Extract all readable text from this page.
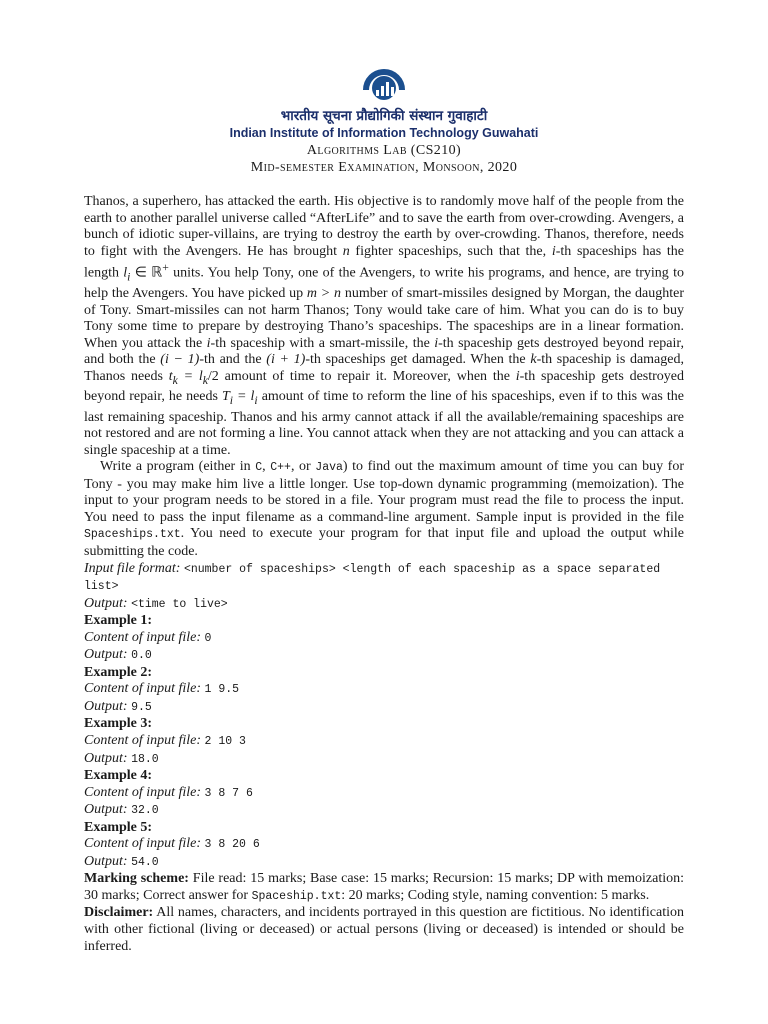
भारतीय सूचना प्रौद्योगिकी संस्थान गुवाहाटी
Indian Institute of Information Technology Guwahati
Algorithms Lab (CS210)
Mid-semester Examination, Monsoon, 2020

Thanos, a superhero, has attacked the earth. His objective is to randomly move half of the people from the earth to another parallel universe called “AfterLife” and to save the earth from over-crowding. Avengers, a bunch of idiotic super-villains, are trying to destroy the earth by over-crowding. Thanos, therefore, needs to fight with the Avengers. He has brought n fighter spaceships, such that the, i-th spaceships has the length $l_i$ ∈ ℝ+ units. You help Tony, one of the Avengers, to write his programs, and hence, are trying to help the Avengers. You have picked up m > n number of smart-missiles designed by Morgan, the daughter of Tony. Smart-missiles can not harm Thanos; Tony would take care of him. What you can do is to buy Tony some time to prepare by destroying Thano’s spaceships. The spaceships are in a linear formation. When you attack the i-th spaceship with a smart-missile, the i-th spaceship gets destroyed beyond repair, and both the (i − 1)-th and the (i + 1)-th spaceships get damaged. When the k-th spaceship is damaged, Thanos needs $t_k = l_k/2$ amount of time to repair it. Moreover, when the i-th spaceship gets destroyed beyond repair, he needs $T_i = l_i$ amount of time to reform the line of his spaceships, even if to this was the last remaining spaceship. Thanos and his army cannot attack if all the available/remaining spaceships are not restored and are not forming a line. You cannot attack when they are not attacking and you can attack a single spaceship at a time.

Write a program (either in C, C++, or Java) to find out the maximum amount of time you can buy for Tony - you may make him live a little longer. Use top-down dynamic programming (memoization). The input to your program needs to be stored in a file. Your program must read the file to process the input. You need to pass the input filename as a command-line argument. Sample input is provided in the file Spaceships.txt. You need to execute your program for that input file and upload the output while submitting the code.

Input file format: <number of spaceships> <length of each spaceship as a space separated list>

Output: <time to live>

Example 1:

Content of input file: 0

Output: 0.0

Example 2:

Content of input file: 1 9.5

Output: 9.5

Example 3:

Content of input file: 2 10 3

Output: 18.0

Example 4:

Content of input file: 3 8 7 6

Output: 32.0

Example 5:

Content of input file: 3 8 20 6

Output: 54.0

Marking scheme: File read: 15 marks; Base case: 15 marks; Recursion: 15 marks; DP with memoization: 30 marks; Correct answer for Spaceship.txt: 20 marks; Coding style, naming convention: 5 marks.

Disclaimer: All names, characters, and incidents portrayed in this question are fictitious. No identification with other fictional (living or deceased) or actual persons (living or deceased) is intended or should be inferred.
